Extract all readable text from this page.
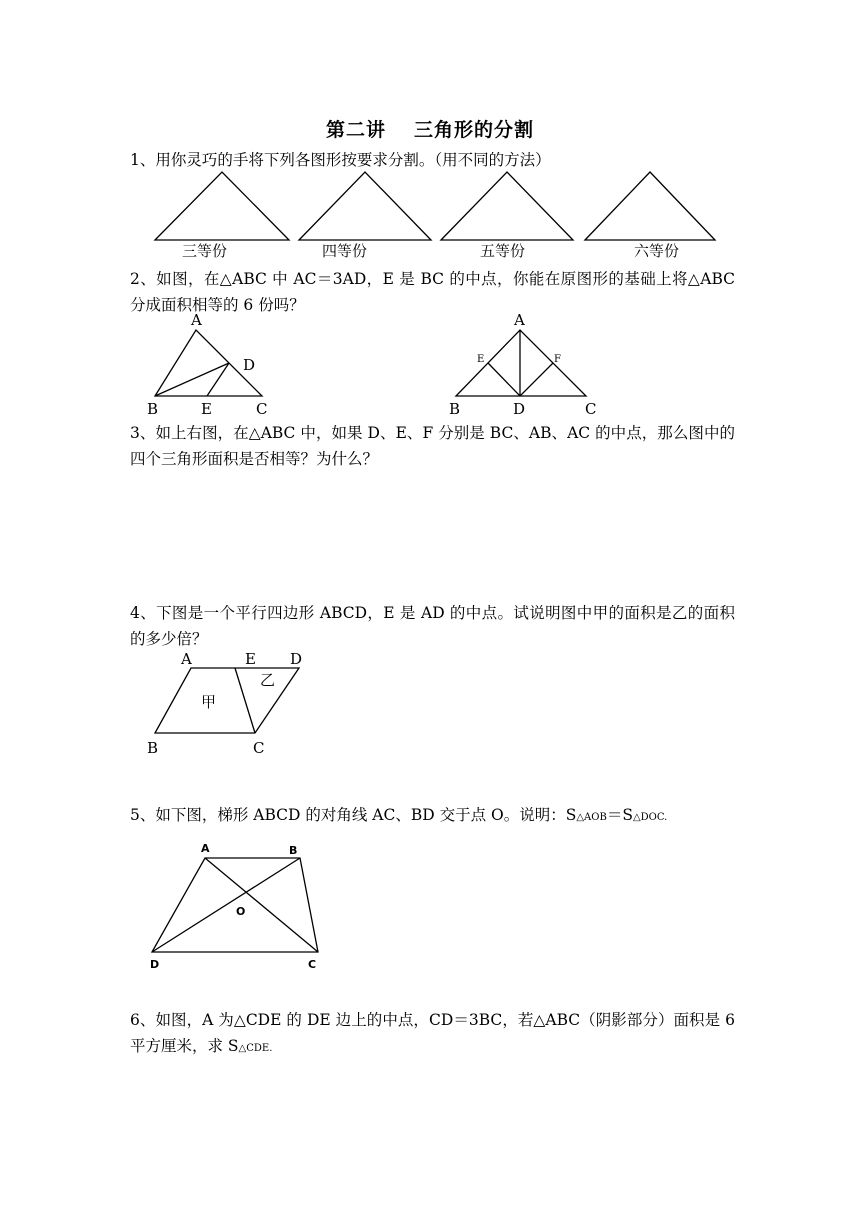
第二讲 三角形的分割
1、用你灵巧的手将下列各图形按要求分割。（用不同的方法）
三等份	四等份	五等份	六等份
2、如图，在△ABC 中 AC＝3AD，E 是 BC 的中点，你能在原图形的基础上将△ABC 分成面积相等的 6 份吗？
A
D
B	E	C
A
E	F
B	D	C
3、如上右图，在△ABC 中，如果 D、E、F 分别是 BC、AB、AC 的中点，那么图中的四个三角形面积是否相等？为什么？
4、下图是一个平行四边形 ABCD，E 是 AD 的中点。试说明图中甲的面积是乙的面积的多少倍？
A	E D
乙
甲
B	C
5、如下图，梯形 ABCD 的对角线 AC、BD 交于点 O。说明：S△AOB＝S△DOC.
A	B
O
D	C
6、如图，A 为△CDE 的 DE 边上的中点，CD＝3BC，若△ABC（阴影部分）面积是 6 平方厘米，求 S△CDE.
